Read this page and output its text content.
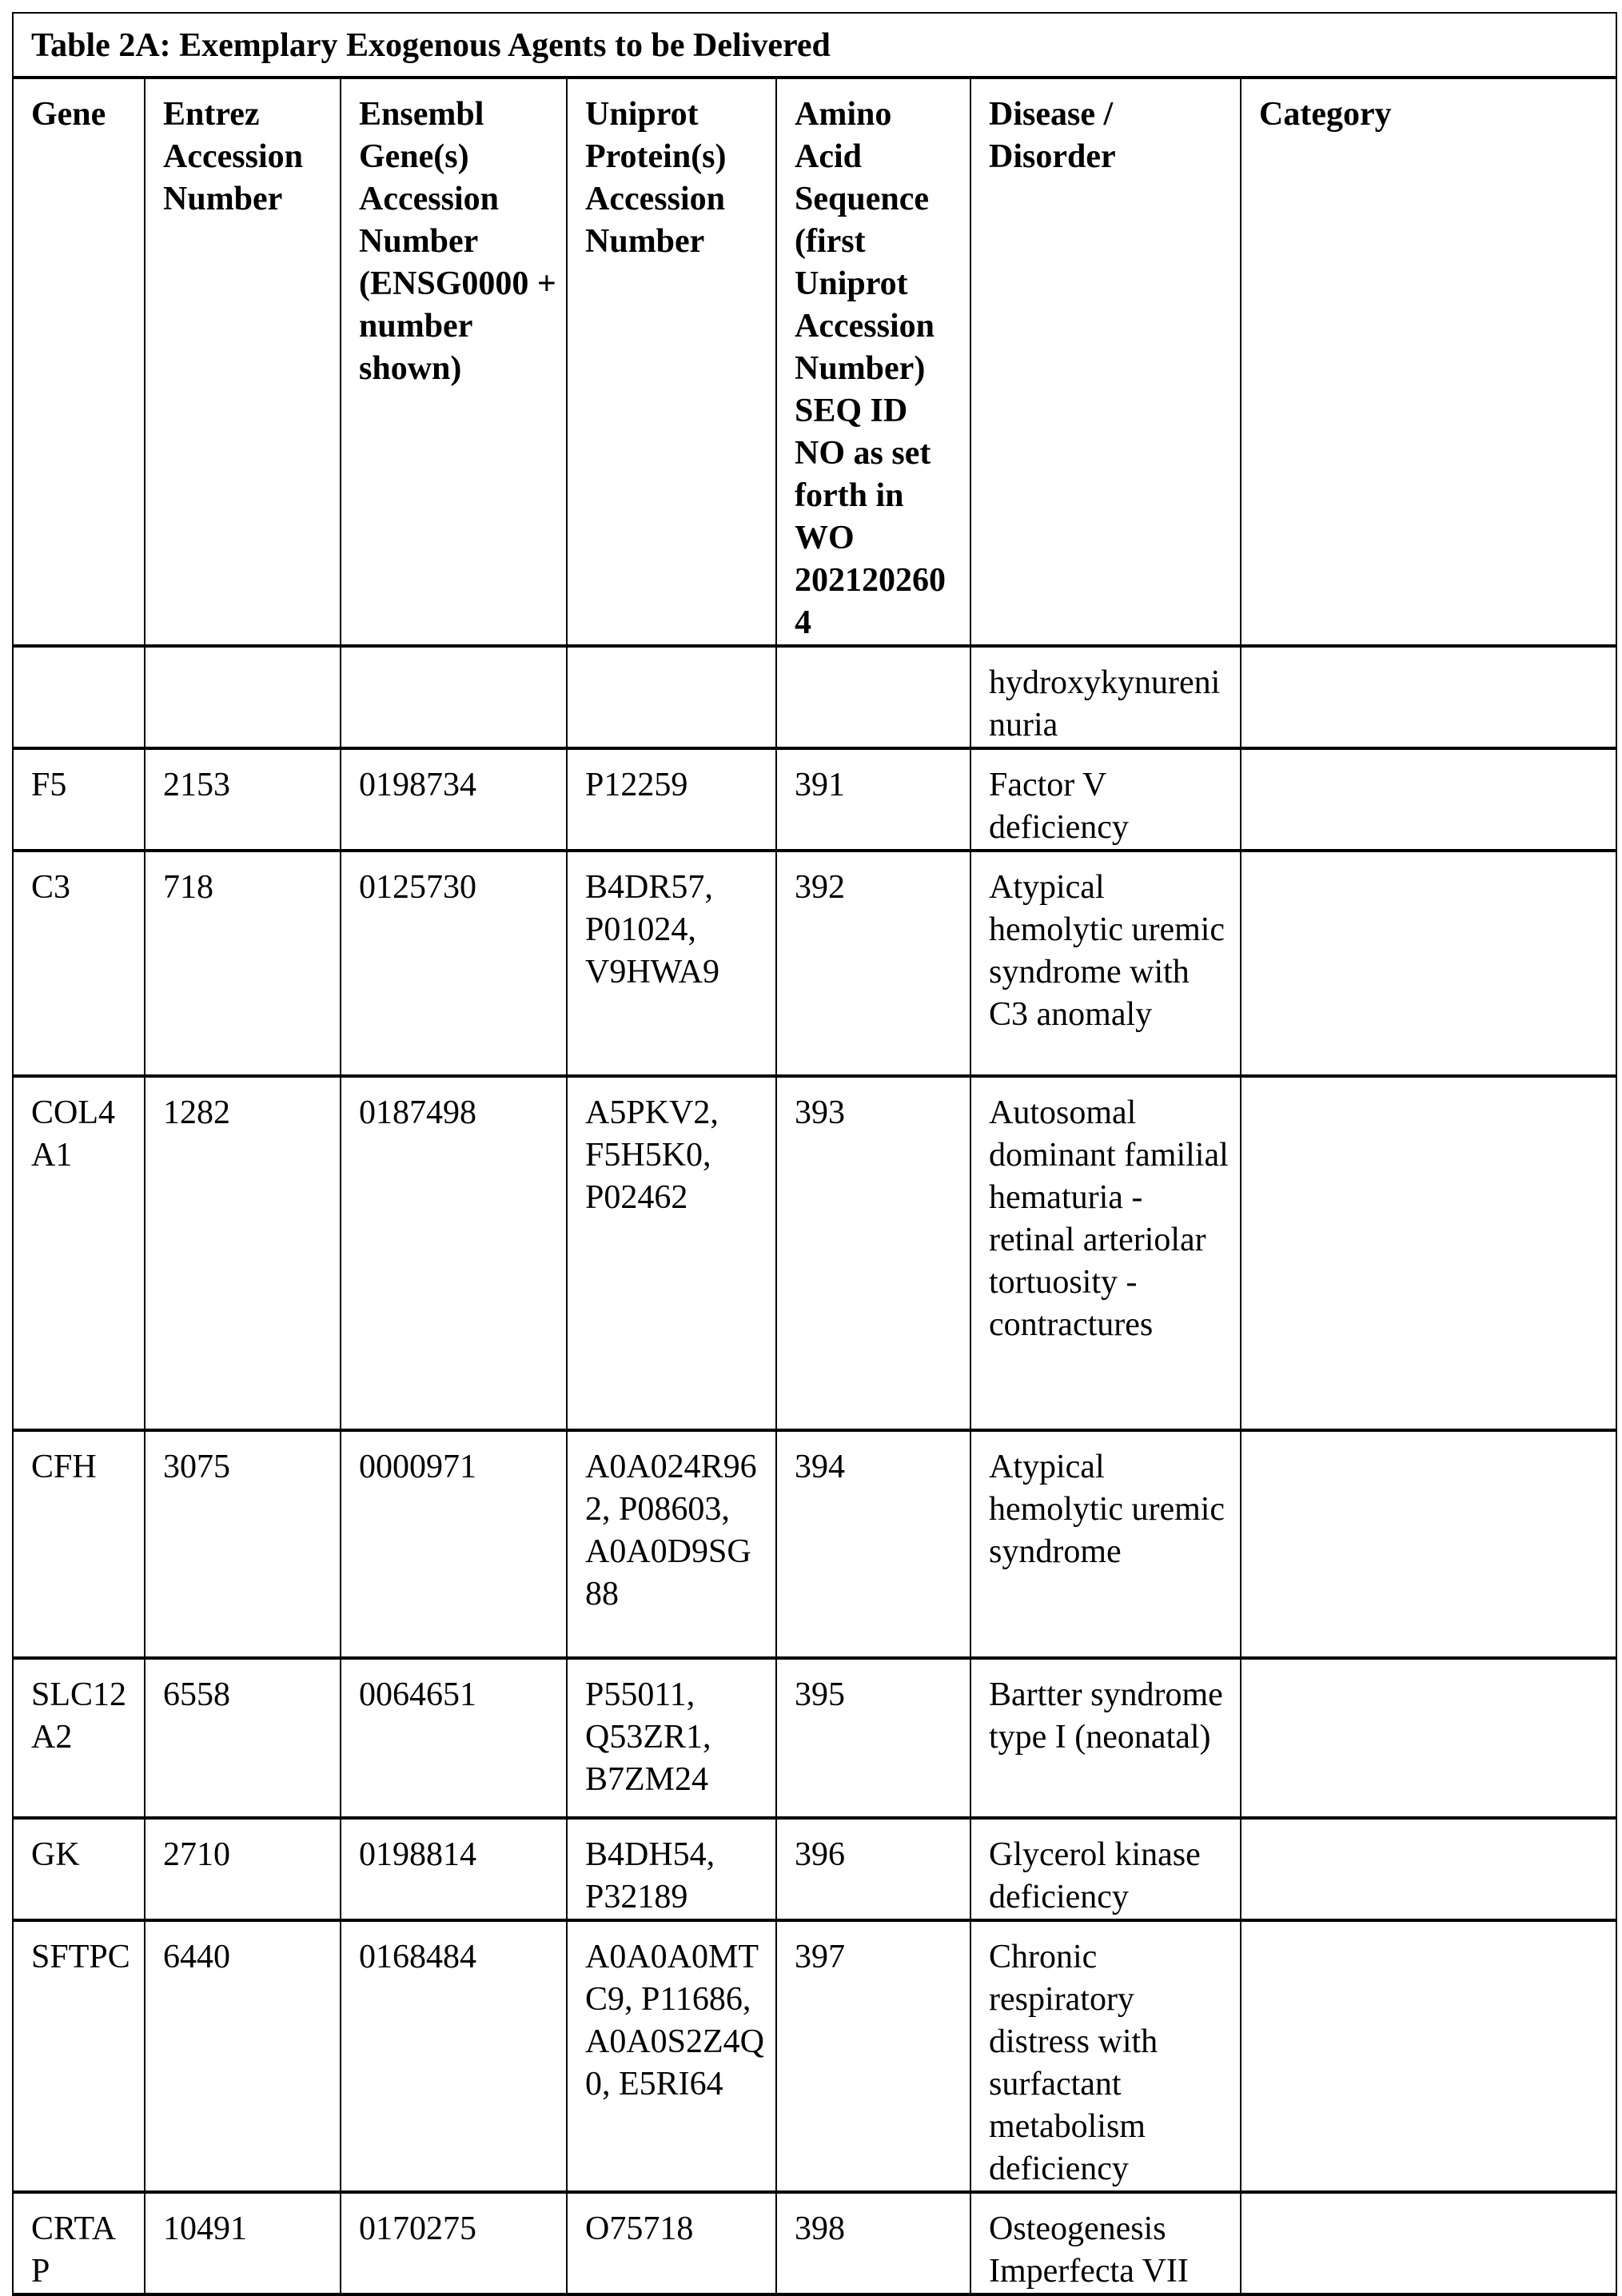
Table 2A: Exemplary Exogenous Agents to be Delivered
Gene	Entrez Accession Number	Ensembl Gene(s) Accession Number (ENSG0000 + number shown)	Uniprot Protein(s) Accession Number	Amino Acid Sequence (first Uniprot Accession Number) SEQ ID NO as set forth in WO 2021202604	Disease / Disorder	Category
					hydroxykynureninuria	
F5	2153	0198734	P12259	391	Factor V deficiency	
C3	718	0125730	B4DR57, P01024, V9HWA9	392	Atypical hemolytic uremic syndrome with C3 anomaly	
COL4A1	1282	0187498	A5PKV2, F5H5K0, P02462	393	Autosomal dominant familial hematuria - retinal arteriolar tortuosity - contractures	
CFH	3075	0000971	A0A024R962, P08603, A0A0D9SG88	394	Atypical hemolytic uremic syndrome	
SLC12A2	6558	0064651	P55011, Q53ZR1, B7ZM24	395	Bartter syndrome type I (neonatal)	
GK	2710	0198814	B4DH54, P32189	396	Glycerol kinase deficiency	
SFTPC	6440	0168484	A0A0A0MTC9, P11686, A0A0S2Z4Q0, E5RI64	397	Chronic respiratory distress with surfactant metabolism deficiency	
CRTAP	10491	0170275	O75718	398	Osteogenesis Imperfecta VII	
